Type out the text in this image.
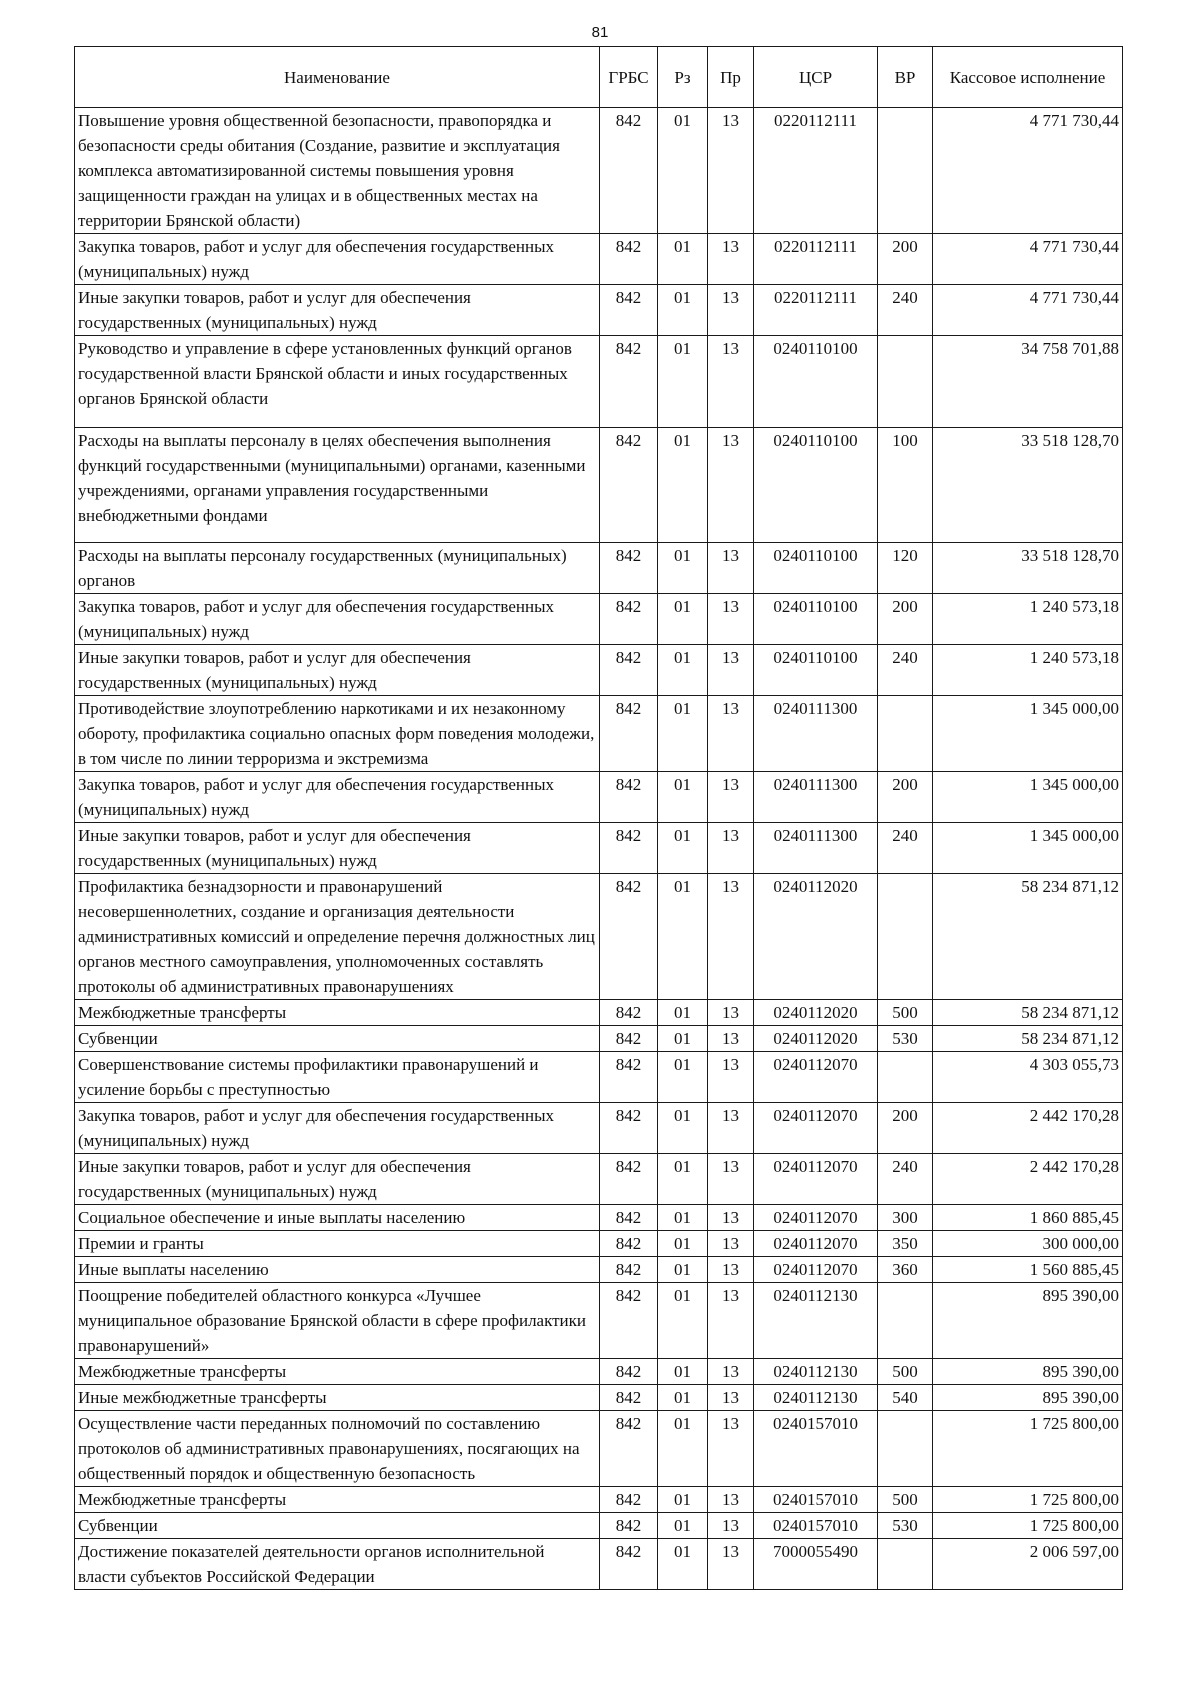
81
Наименование	ГРБС	Рз	Пр	ЦСР	ВР	Кассовое исполнение
Повышение уровня общественной безопасности, правопорядка и безопасности среды обитания (Создание, развитие и эксплуатация комплекса автоматизированной системы повышения уровня защищенности граждан на улицах и в общественных местах на территории Брянской области)	842	01	13	0220112111		4 771 730,44
Закупка товаров, работ и услуг для обеспечения государственных (муниципальных) нужд	842	01	13	0220112111	200	4 771 730,44
Иные закупки товаров, работ и услуг для обеспечения государственных (муниципальных) нужд	842	01	13	0220112111	240	4 771 730,44
Руководство и управление в сфере установленных функций органов государственной власти Брянской области и иных государственных органов Брянской области	842	01	13	0240110100		34 758 701,88
Расходы на выплаты персоналу в целях обеспечения выполнения функций государственными (муниципальными) органами, казенными учреждениями, органами управления государственными внебюджетными фондами	842	01	13	0240110100	100	33 518 128,70
Расходы на выплаты персоналу государственных (муниципальных) органов	842	01	13	0240110100	120	33 518 128,70
Закупка товаров, работ и услуг для обеспечения государственных (муниципальных) нужд	842	01	13	0240110100	200	1 240 573,18
Иные закупки товаров, работ и услуг для обеспечения государственных (муниципальных) нужд	842	01	13	0240110100	240	1 240 573,18
Противодействие злоупотреблению наркотиками и их незаконному обороту, профилактика социально опасных форм поведения молодежи, в том числе по линии терроризма и экстремизма	842	01	13	0240111300		1 345 000,00
Закупка товаров, работ и услуг для обеспечения государственных (муниципальных) нужд	842	01	13	0240111300	200	1 345 000,00
Иные закупки товаров, работ и услуг для обеспечения государственных (муниципальных) нужд	842	01	13	0240111300	240	1 345 000,00
Профилактика безнадзорности и правонарушений несовершеннолетних, создание и организация деятельности административных комиссий и определение перечня должностных лиц органов местного самоуправления, уполномоченных составлять протоколы об административных правонарушениях	842	01	13	0240112020		58 234 871,12
Межбюджетные трансферты	842	01	13	0240112020	500	58 234 871,12
Субвенции	842	01	13	0240112020	530	58 234 871,12
Совершенствование системы профилактики правонарушений и усиление борьбы с преступностью	842	01	13	0240112070		4 303 055,73
Закупка товаров, работ и услуг для обеспечения государственных (муниципальных) нужд	842	01	13	0240112070	200	2 442 170,28
Иные закупки товаров, работ и услуг для обеспечения государственных (муниципальных) нужд	842	01	13	0240112070	240	2 442 170,28
Социальное обеспечение и иные выплаты населению	842	01	13	0240112070	300	1 860 885,45
Премии и гранты	842	01	13	0240112070	350	300 000,00
Иные выплаты населению	842	01	13	0240112070	360	1 560 885,45
Поощрение победителей областного конкурса «Лучшее муниципальное образование Брянской области в сфере профилактики правонарушений»	842	01	13	0240112130		895 390,00
Межбюджетные трансферты	842	01	13	0240112130	500	895 390,00
Иные межбюджетные трансферты	842	01	13	0240112130	540	895 390,00
Осуществление части переданных полномочий по составлению протоколов об административных правонарушениях, посягающих на общественный порядок и общественную безопасность	842	01	13	0240157010		1 725 800,00
Межбюджетные трансферты	842	01	13	0240157010	500	1 725 800,00
Субвенции	842	01	13	0240157010	530	1 725 800,00
Достижение показателей деятельности органов исполнительной власти субъектов Российской Федерации	842	01	13	7000055490		2 006 597,00
